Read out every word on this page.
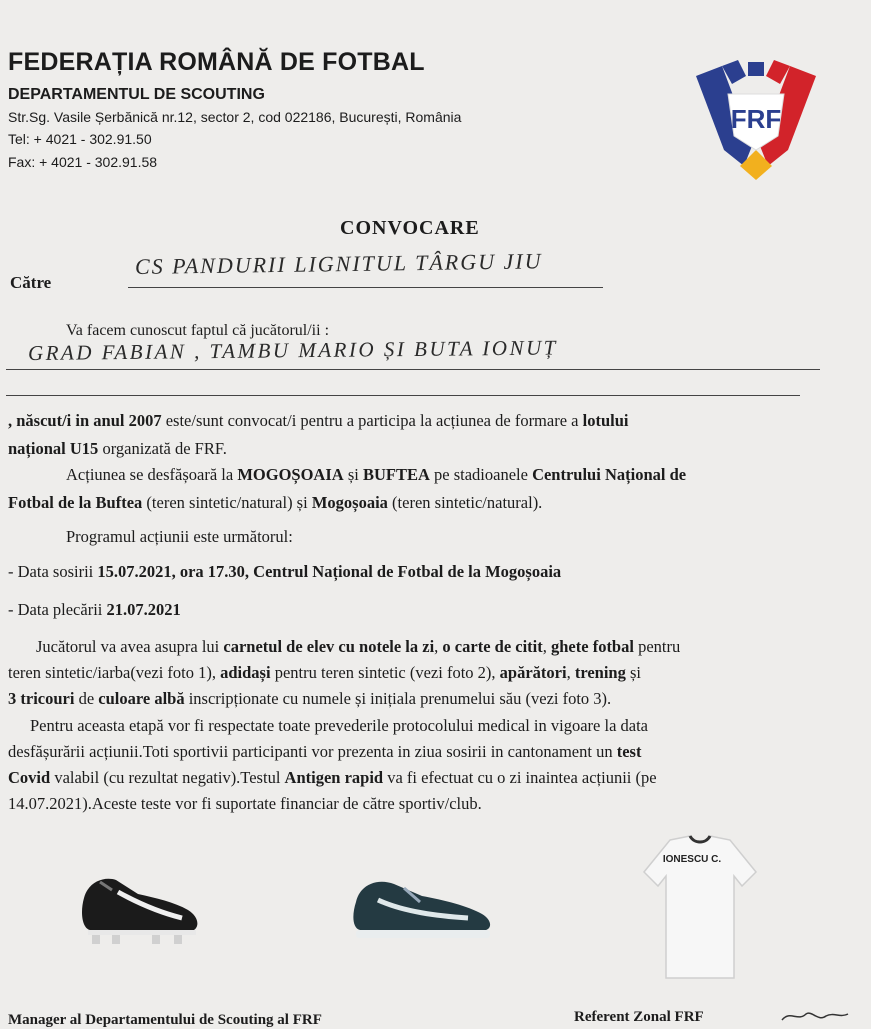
FEDERAȚIA ROMÂNĂ DE FOTBAL
DEPARTAMENTUL DE SCOUTING
Str.Sg. Vasile Șerbănică nr.12, sector 2, cod 022186, București, România
Tel: + 4021 - 302.91.50
Fax: + 4021 - 302.91.58
FRF
CONVOCARE
Către
CS PANDURII LIGNITUL TÂRGU JIU
Va facem cunoscut faptul că jucătorul/ii :
GRAD FABIAN , TAMBU MARIO ȘI BUTA IONUȚ
, născut/i in anul 2007 este/sunt convocat/i pentru a participa la acțiunea de formare a lotului
național U15 organizată de FRF.
Acțiunea se desfășoară la MOGOȘOAIA și BUFTEA pe stadioanele Centrului Național de
Fotbal de la Buftea (teren sintetic/natural) și Mogoșoaia (teren sintetic/natural).
Programul acțiunii este următorul:
- Data sosirii 15.07.2021, ora 17.30, Centrul Național de Fotbal de la Mogoșoaia
- Data plecării 21.07.2021
Jucătorul va avea asupra lui carnetul de elev cu notele la zi, o carte de citit, ghete fotbal pentru
teren sintetic/iarba(vezi foto 1), adidași pentru teren sintetic (vezi foto 2), apărători, trening și
3 tricouri de culoare albă inscripționate cu numele și inițiala prenumelui său (vezi foto 3).
Pentru aceasta etapă vor fi respectate toate prevederile protocolului medical in vigoare la data
desfășurării acțiunii.Toti sportivii participanti vor prezenta in ziua sosirii in cantonament un test
Covid valabil (cu rezultat negativ).Testul Antigen rapid va fi efectuat cu o zi inaintea acțiunii (pe
14.07.2021).Aceste teste vor fi suportate financiar de către sportiv/club.
IONESCU C.
Manager al Departamentului de Scouting al FRF	Referent Zonal FRF
